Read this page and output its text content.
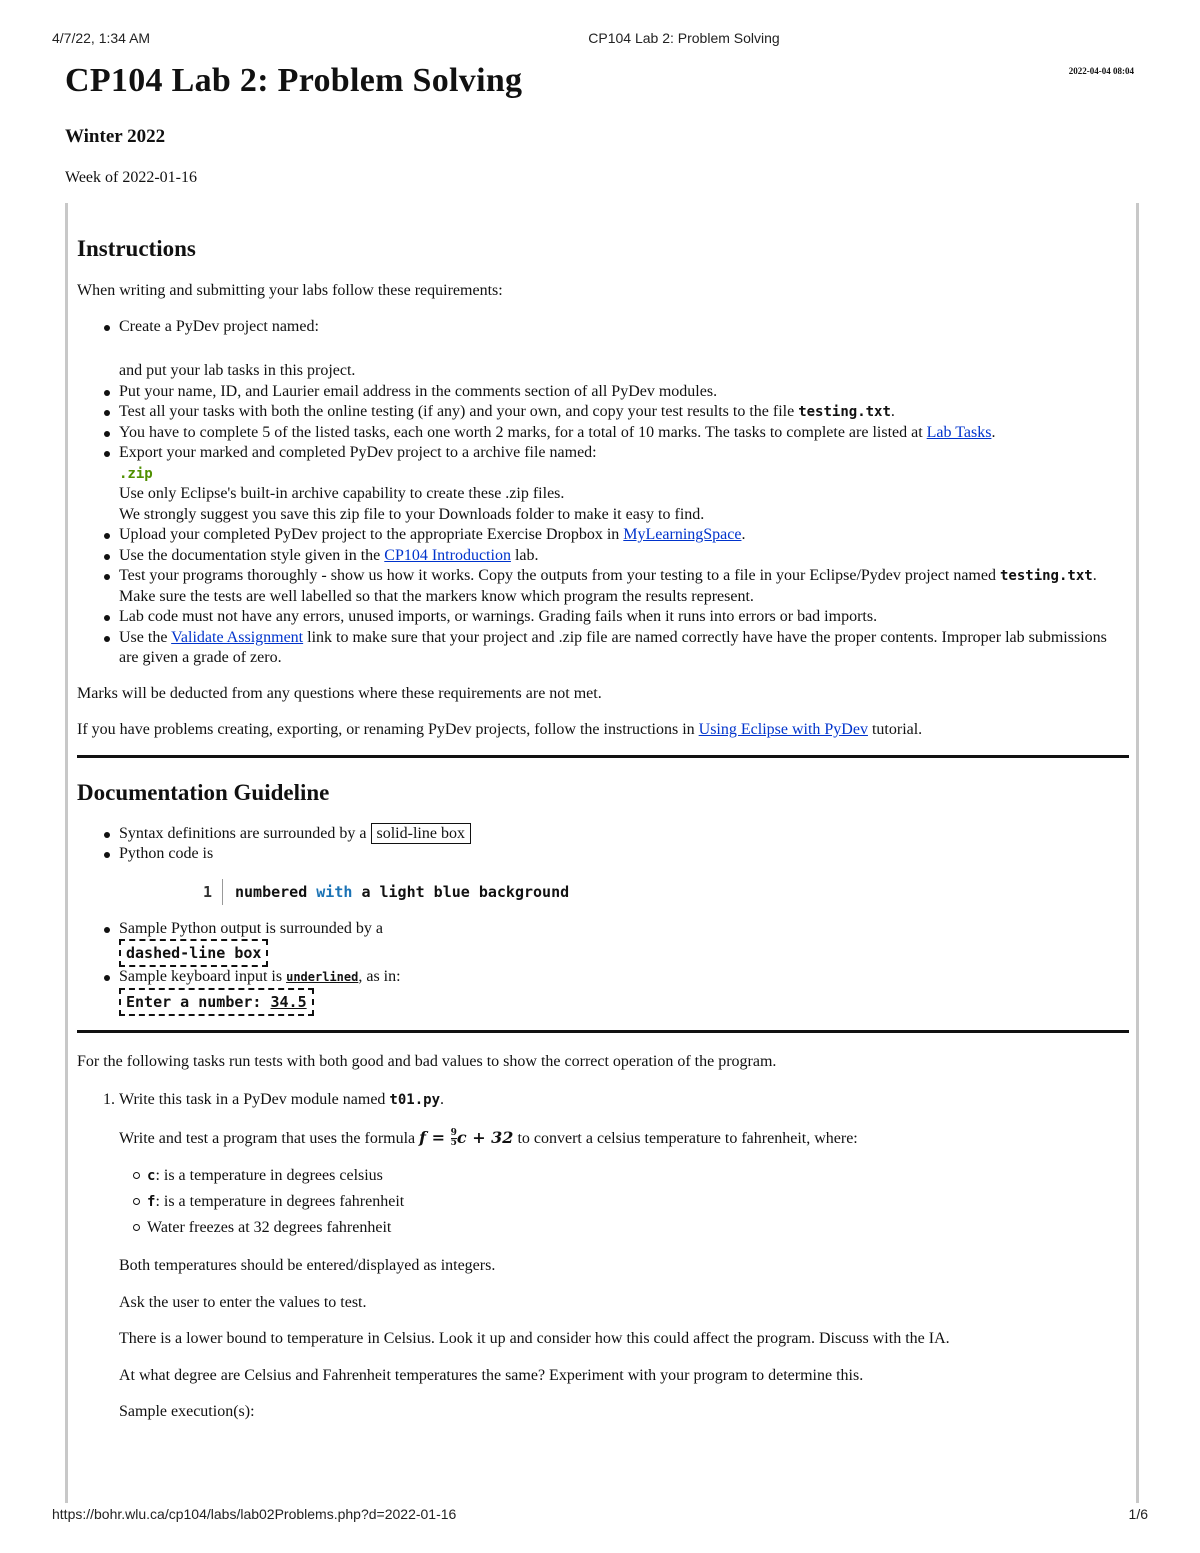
4/7/22, 1:34 AM	CP104 Lab 2: Problem Solving
CP104 Lab 2: Problem Solving	2022-04-04 08:04
Winter 2022

Week of 2022-01-16

Instructions

When writing and submitting your labs follow these requirements:

Create a PyDev project named:
and put your lab tasks in this project.
Put your name, ID, and Laurier email address in the comments section of all PyDev modules.
Test all your tasks with both the online testing (if any) and your own, and copy your test results to the file testing.txt.
You have to complete 5 of the listed tasks, each one worth 2 marks, for a total of 10 marks. The tasks to complete are listed at Lab Tasks.
Export your marked and completed PyDev project to a archive file named:
.zip
Use only Eclipse's built-in archive capability to create these .zip files.
We strongly suggest you save this zip file to your Downloads folder to make it easy to find.
Upload your completed PyDev project to the appropriate Exercise Dropbox in MyLearningSpace.
Use the documentation style given in the CP104 Introduction lab.
Test your programs thoroughly - show us how it works. Copy the outputs from your testing to a file in your Eclipse/Pydev project named testing.txt. Make sure the tests are well labelled so that the markers know which program the results represent.
Lab code must not have any errors, unused imports, or warnings. Grading fails when it runs into errors or bad imports.
Use the Validate Assignment link to make sure that your project and .zip file are named correctly have have the proper contents. Improper lab submissions are given a grade of zero.

Marks will be deducted from any questions where these requirements are not met.

If you have problems creating, exporting, or renaming PyDev projects, follow the instructions in Using Eclipse with PyDev tutorial.

Documentation Guideline
Syntax definitions are surrounded by a solid-line box
Python code is
1	numbered with a light blue background
Sample Python output is surrounded by a
dashed-line box
Sample keyboard input is underlined, as in:
Enter a number: 34.5

For the following tasks run tests with both good and bad values to show the correct operation of the program.

1. Write this task in a PyDev module named t01.py.

Write and test a program that uses the formula $f = \frac{9}{5}$ c + 32 to convert a celsius temperature to fahrenheit, where:

c: is a temperature in degrees celsius
f: is a temperature in degrees fahrenheit
Water freezes at 32 degrees fahrenheit

Both temperatures should be entered/displayed as integers.

Ask the user to enter the values to test.

There is a lower bound to temperature in Celsius. Look it up and consider how this could affect the program. Discuss with the IA.

At what degree are Celsius and Fahrenheit temperatures the same? Experiment with your program to determine this.

Sample execution(s):

https://bohr.wlu.ca/cp104/labs/lab02Problems.php?d=2022-01-16	1/6
